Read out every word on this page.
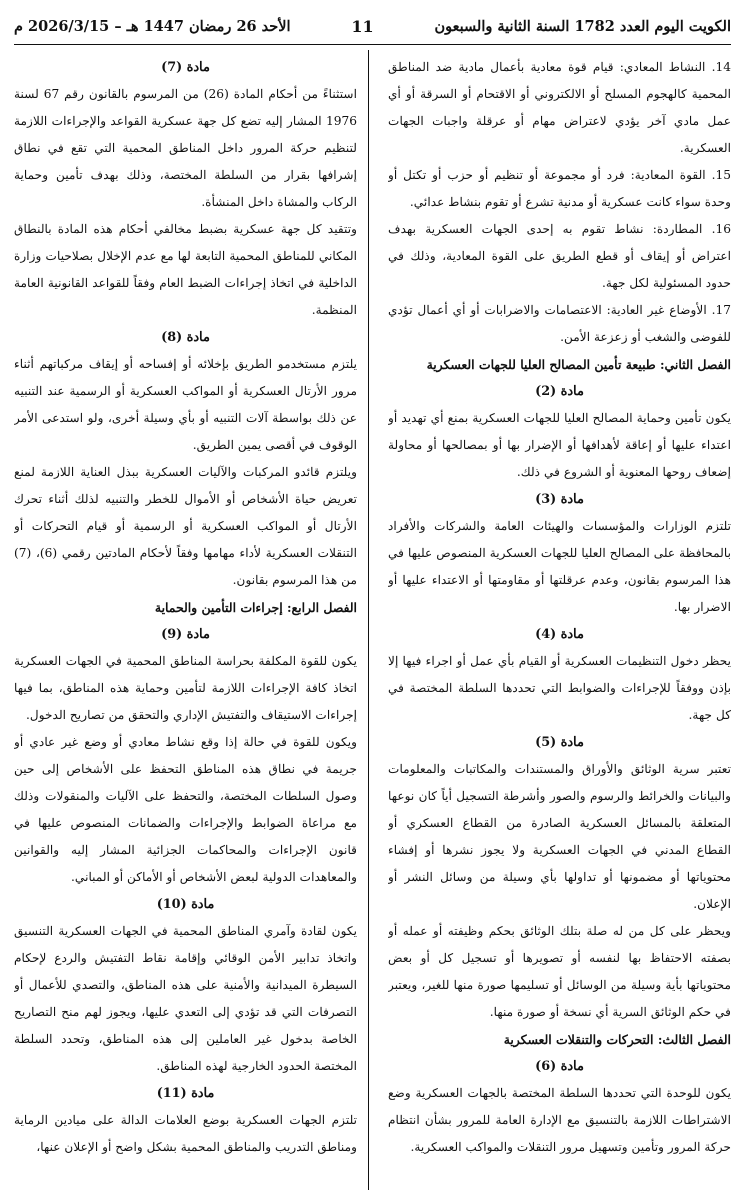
الكويت اليوم العدد 1782 السنة الثانية والسبعون
11
الأحد 26 رمضان 1447 هـ – 2026/3/15 م

14. النشاط المعادي: قيام قوة معادية بأعمال مادية ضد المناطق المحمية كالهجوم المسلح أو الالكتروني أو الاقتحام أو السرقة أو أي عمل مادي آخر يؤدي لاعتراض مهام أو عرقلة واجبات الجهات العسكرية.

15. القوة المعادية: فرد أو مجموعة أو تنظيم أو حزب أو تكتل أو وحدة سواء كانت عسكرية أو مدنية تشرع أو تقوم بنشاط عدائي.

16. المطاردة: نشاط تقوم به إحدى الجهات العسكرية بهدف اعتراض أو إيقاف أو قطع الطريق على القوة المعادية، وذلك في حدود المسئولية لكل جهة.

17. الأوضاع غير العادية: الاعتصامات والاضرابات أو أي أعمال تؤدي للفوضى والشغب أو زعزعة الأمن.

الفصل الثاني: طبيعة تأمين المصالح العليا للجهات العسكرية

مادة (2)

يكون تأمين وحماية المصالح العليا للجهات العسكرية بمنع أي تهديد أو اعتداء عليها أو إعاقة لأهدافها أو الإضرار بها أو بمصالحها أو محاولة إضعاف روحها المعنوية أو الشروع في ذلك.

مادة (3)

تلتزم الوزارات والمؤسسات والهيئات العامة والشركات والأفراد بالمحافظة على المصالح العليا للجهات العسكرية المنصوص عليها في هذا المرسوم بقانون، وعدم عرقلتها أو مقاومتها أو الاعتداء عليها أو الاضرار بها.

مادة (4)

يحظر دخول التنظيمات العسكرية أو القيام بأي عمل أو اجراء فيها إلا بإذن ووفقاً للإجراءات والضوابط التي تحددها السلطة المختصة في كل جهة.

مادة (5)

تعتبر سرية الوثائق والأوراق والمستندات والمكاتبات والمعلومات والبيانات والخرائط والرسوم والصور وأشرطة التسجيل أياً كان نوعها المتعلقة بالمسائل العسكرية الصادرة من القطاع العسكري أو القطاع المدني في الجهات العسكرية ولا يجوز نشرها أو إفشاء محتوياتها أو مضمونها أو تداولها بأي وسيلة من وسائل النشر أو الإعلان.

ويحظر على كل من له صلة بتلك الوثائق بحكم وظيفته أو عمله أو بصفته الاحتفاظ بها لنفسه أو تصويرها أو تسجيل كل أو بعض محتوياتها بأية وسيلة من الوسائل أو تسليمها صورة منها للغير، ويعتبر في حكم الوثائق السرية أي نسخة أو صورة منها.

الفصل الثالث: التحركات والتنقلات العسكرية

مادة (6)

يكون للوحدة التي تحددها السلطة المختصة بالجهات العسكرية وضع الاشتراطات اللازمة بالتنسيق مع الإدارة العامة للمرور بشأن انتظام حركة المرور وتأمين وتسهيل مرور التنقلات والمواكب العسكرية.

مادة (7)

استثناءً من أحكام المادة (26) من المرسوم بالقانون رقم 67 لسنة 1976 المشار إليه تضع كل جهة عسكرية القواعد والإجراءات اللازمة لتنظيم حركة المرور داخل المناطق المحمية التي تقع في نطاق إشرافها بقرار من السلطة المختصة، وذلك بهدف تأمين وحماية الركاب والمشاة داخل المنشأة.

وتتقيد كل جهة عسكرية بضبط مخالفي أحكام هذه المادة بالنطاق المكاني للمناطق المحمية التابعة لها مع عدم الإخلال بصلاحيات وزارة الداخلية في اتخاذ إجراءات الضبط العام وفقاً للقواعد القانونية العامة المنظمة.

مادة (8)

يلتزم مستخدمو الطريق بإخلائه أو إفساحه أو إيقاف مركباتهم أثناء مرور الأرتال العسكرية أو المواكب العسكرية أو الرسمية عند التنبيه عن ذلك بواسطة آلات التنبيه أو بأي وسيلة أخرى، ولو استدعى الأمر الوقوف في أقصى يمين الطريق.

ويلتزم قائدو المركبات والآليات العسكرية ببذل العناية اللازمة لمنع تعريض حياة الأشخاص أو الأموال للخطر والتنبيه لذلك أثناء تحرك الأرتال أو المواكب العسكرية أو الرسمية أو قيام التحركات أو التنقلات العسكرية لأداء مهامها وفقاً لأحكام المادتين رقمي (6)، (7) من هذا المرسوم بقانون.

الفصل الرابع: إجراءات التأمين والحماية

مادة (9)

يكون للقوة المكلفة بحراسة المناطق المحمية في الجهات العسكرية اتخاذ كافة الإجراءات اللازمة لتأمين وحماية هذه المناطق، بما فيها إجراءات الاستيقاف والتفتيش الإداري والتحقق من تصاريح الدخول.

ويكون للقوة في حالة إذا وقع نشاط معادي أو وضع غير عادي أو جريمة في نطاق هذه المناطق التحفظ على الأشخاص إلى حين وصول السلطات المختصة، والتحفظ على الآليات والمنقولات وذلك مع مراعاة الضوابط والإجراءات والضمانات المنصوص عليها في قانون الإجراءات والمحاكمات الجزائية المشار إليه والقوانين والمعاهدات الدولية لبعض الأشخاص أو الأماكن أو المباني.

مادة (10)

يكون لقادة وآمري المناطق المحمية في الجهات العسكرية التنسيق واتخاذ تدابير الأمن الوقائي وإقامة نقاط التفتيش والردع لإحكام السيطرة الميدانية والأمنية على هذه المناطق، والتصدي للأعمال أو التصرفات التي قد تؤدي إلى التعدي عليها، ويجوز لهم منح التصاريح الخاصة بدخول غير العاملين إلى هذه المناطق، وتحدد السلطة المختصة الحدود الخارجية لهذه المناطق.

مادة (11)

تلتزم الجهات العسكرية بوضع العلامات الدالة على ميادين الرماية ومناطق التدريب والمناطق المحمية بشكل واضح أو الإعلان عنها،
